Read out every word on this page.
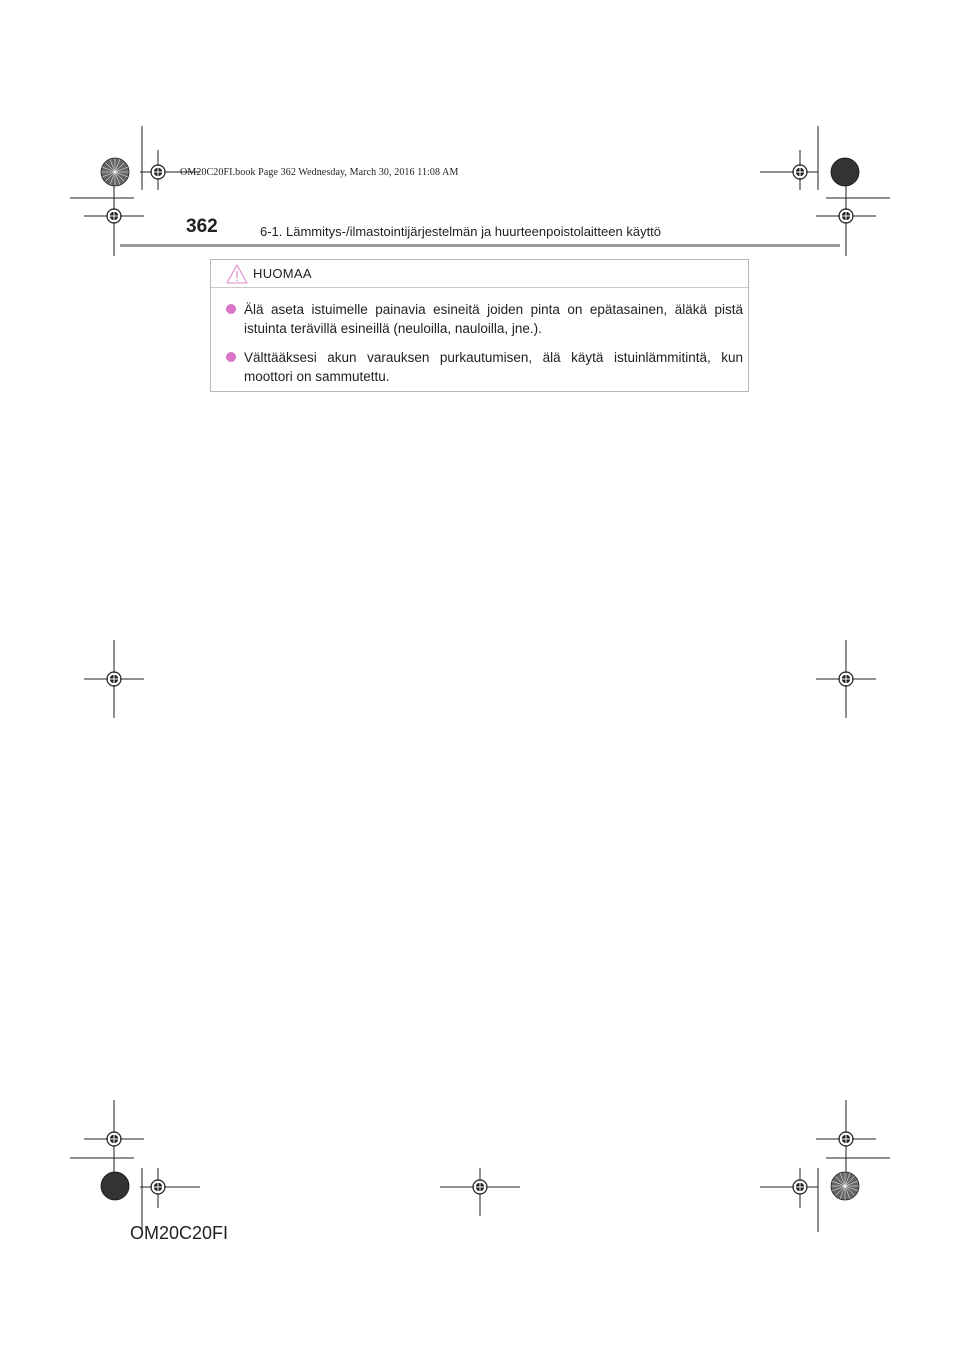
OM20C20FI.book Page 362 Wednesday, March 30, 2016 11:08 AM
362	6-1. Lämmitys-/ilmastointijärjestelmän ja huurteenpoistolaitteen käyttö
HUOMAA
Älä aseta istuimelle painavia esineitä joiden pinta on epätasainen, äläkä pistä istuinta terävillä esineillä (neuloilla, nauloilla, jne.).
Välttääksesi akun varauksen purkautumisen, älä käytä istuinlämmitintä, kun moottori on sammutettu.
OM20C20FI
